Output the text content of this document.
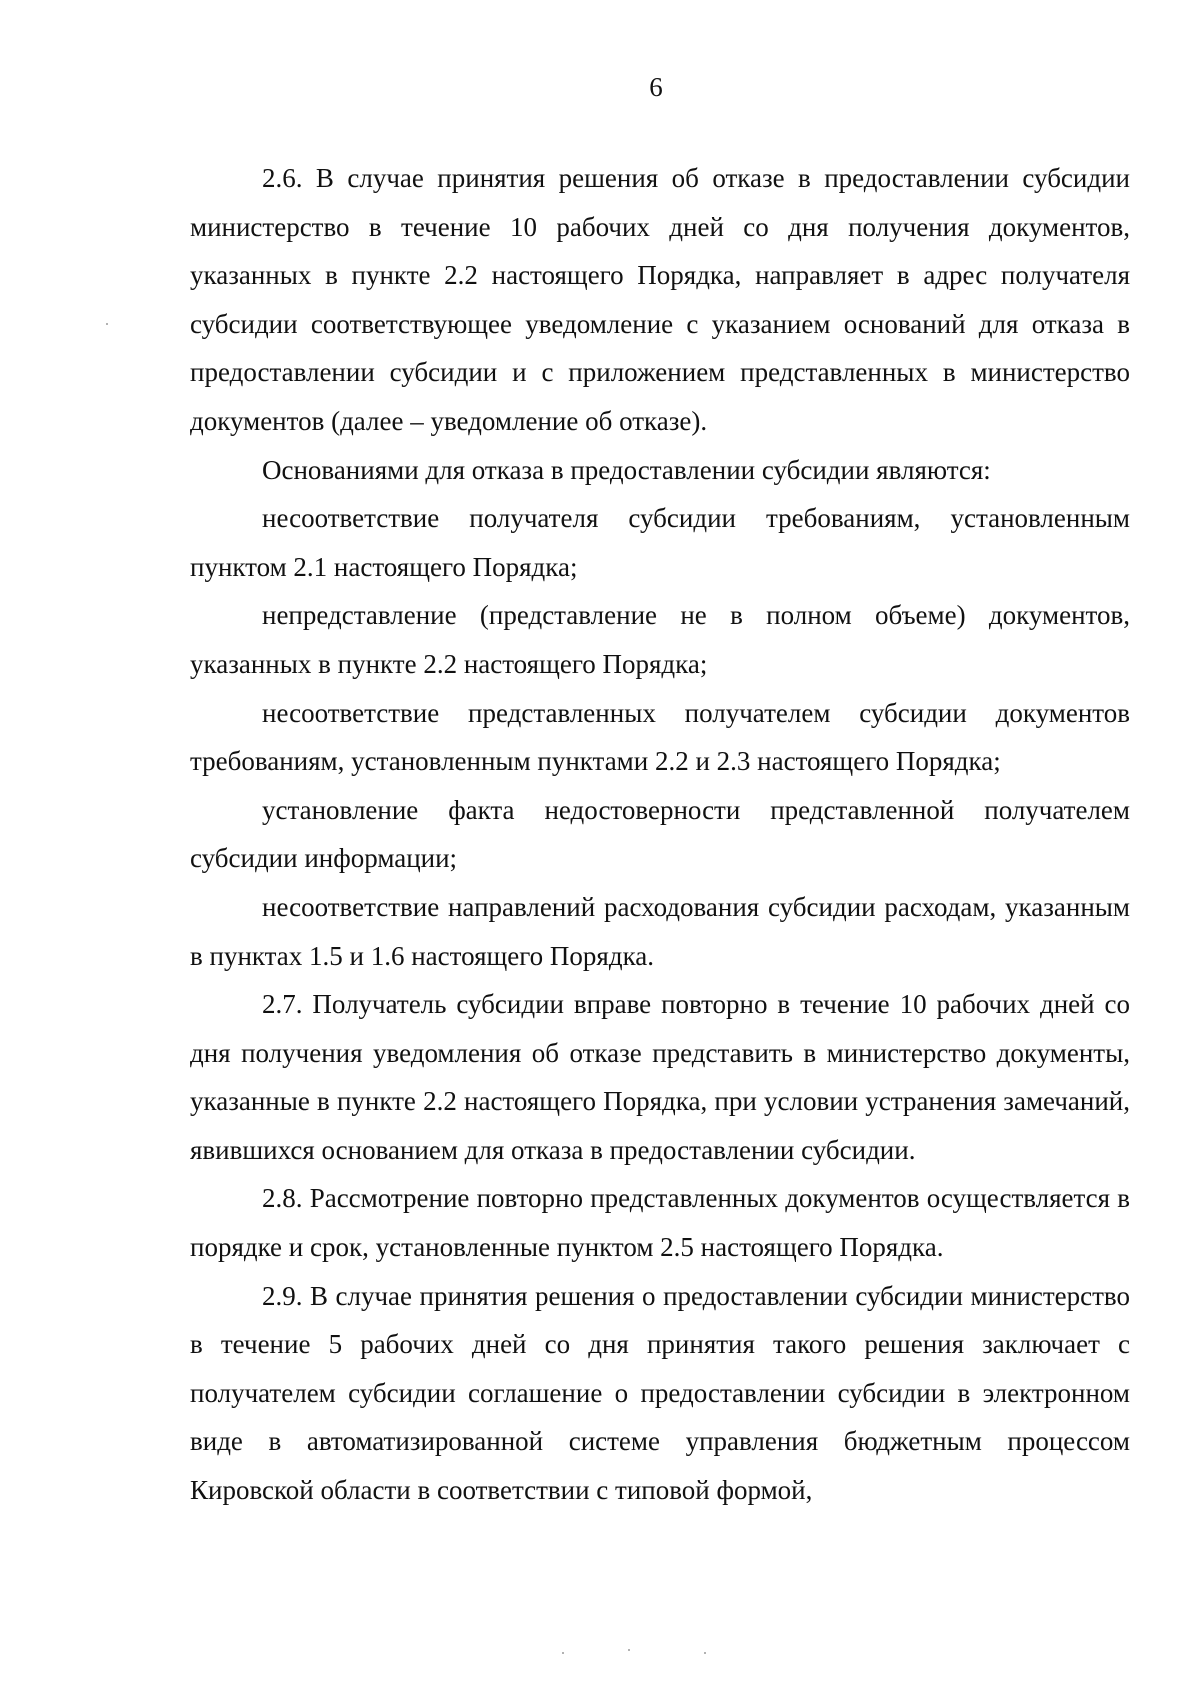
6

2.6. В случае принятия решения об отказе в предоставлении субсидии министерство в течение 10 рабочих дней со дня получения документов, указанных в пункте 2.2 настоящего Порядка, направляет в адрес получателя субсидии соответствующее уведомление с указанием оснований для отказа в предоставлении субсидии и с приложением представленных в министерство документов (далее – уведомление об отказе).

Основаниями для отказа в предоставлении субсидии являются:

несоответствие получателя субсидии требованиям, установленным пунктом 2.1 настоящего Порядка;

непредставление (представление не в полном объеме) документов, указанных в пункте 2.2 настоящего Порядка;

несоответствие представленных получателем субсидии документов требованиям, установленным пунктами 2.2 и 2.3 настоящего Порядка;

установление факта недостоверности представленной получателем субсидии информации;

несоответствие направлений расходования субсидии расходам, указанным в пунктах 1.5 и 1.6 настоящего Порядка.

2.7. Получатель субсидии вправе повторно в течение 10 рабочих дней со дня получения уведомления об отказе представить в министерство документы, указанные в пункте 2.2 настоящего Порядка, при условии устранения замечаний, явившихся основанием для отказа в предоставлении субсидии.

2.8. Рассмотрение повторно представленных документов осуществляется в порядке и срок, установленные пунктом 2.5 настоящего Порядка.

2.9. В случае принятия решения о предоставлении субсидии министерство в течение 5 рабочих дней со дня принятия такого решения заключает с получателем субсидии соглашение о предоставлении субсидии в электронном виде в автоматизированной системе управления бюджетным процессом Кировской области в соответствии с типовой формой,
